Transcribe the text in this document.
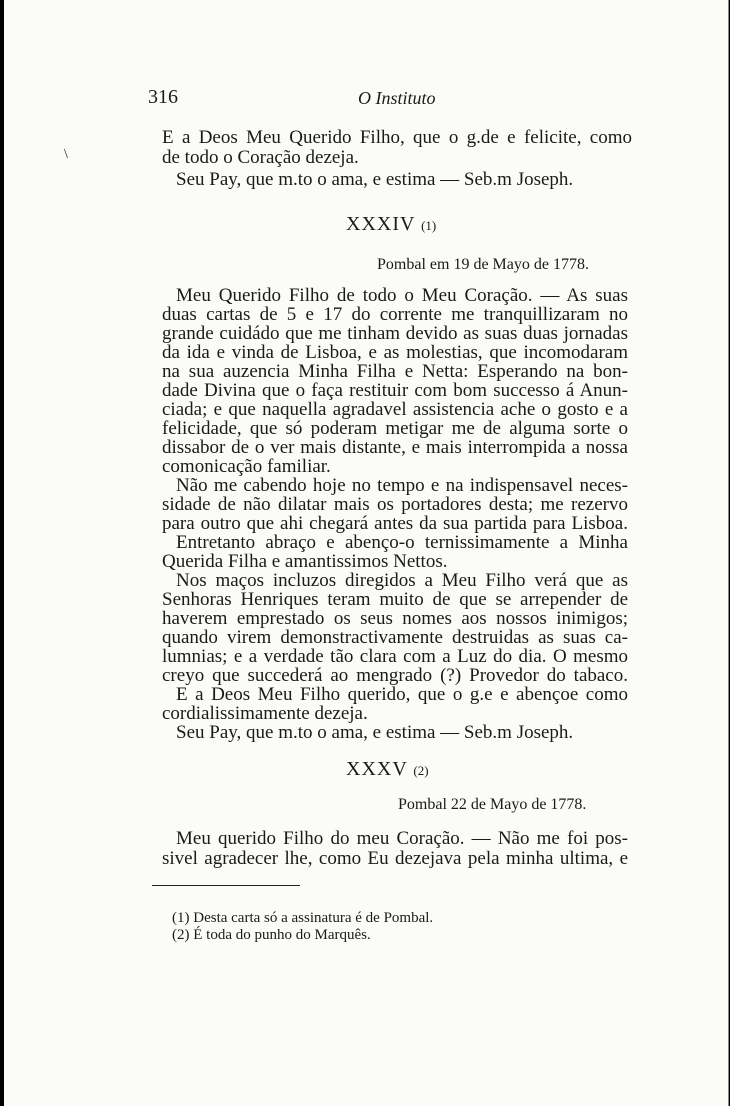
316	O Instituto
\
E a Deos Meu Querido Filho, que o g.de e felicite, como
de todo o Coração dezeja.
Seu Pay, que m.to o ama, e estima — Seb.m Joseph.
XXXIV (1)
Pombal em 19 de Mayo de 1778.
Meu Querido Filho de todo o Meu Coração. — As suas
duas cartas de 5 e 17 do corrente me tranquillizaram no
grande cuidádo que me tinham devido as suas duas jornadas
da ida e vinda de Lisboa, e as molestias, que incomodaram
na sua auzencia Minha Filha e Netta: Esperando na bon-
dade Divina que o faça restituir com bom successo á Anun-
ciada; e que naquella agradavel assistencia ache o gosto e a
felicidade, que só poderam metigar me de alguma sorte o
dissabor de o ver mais distante, e mais interrompida a nossa
comonicação familiar.
Não me cabendo hoje no tempo e na indispensavel neces-
sidade de não dilatar mais os portadores desta; me rezervo
para outro que ahi chegará antes da sua partida para Lisboa.
Entretanto abraço e abenço-o ternissimamente a Minha
Querida Filha e amantissimos Nettos.
Nos maços incluzos diregidos a Meu Filho verá que as
Senhoras Henriques teram muito de que se arrepender de
haverem emprestado os seus nomes aos nossos inimigos;
quando virem demonstractivamente destruidas as suas ca-
lumnias; e a verdade tão clara com a Luz do dia. O mesmo
creyo que succederá ao mengrado (?) Provedor do tabaco.
E a Deos Meu Filho querido, que o g.e e abençoe como
cordialissimamente dezeja.
Seu Pay, que m.to o ama, e estima — Seb.m Joseph.
XXXV (2)
Pombal 22 de Mayo de 1778.
Meu querido Filho do meu Coração. — Não me foi pos-
sivel agradecer lhe, como Eu dezejava pela minha ultima, e
(1) Desta carta só a assinatura é de Pombal.
(2) É toda do punho do Marquês.
